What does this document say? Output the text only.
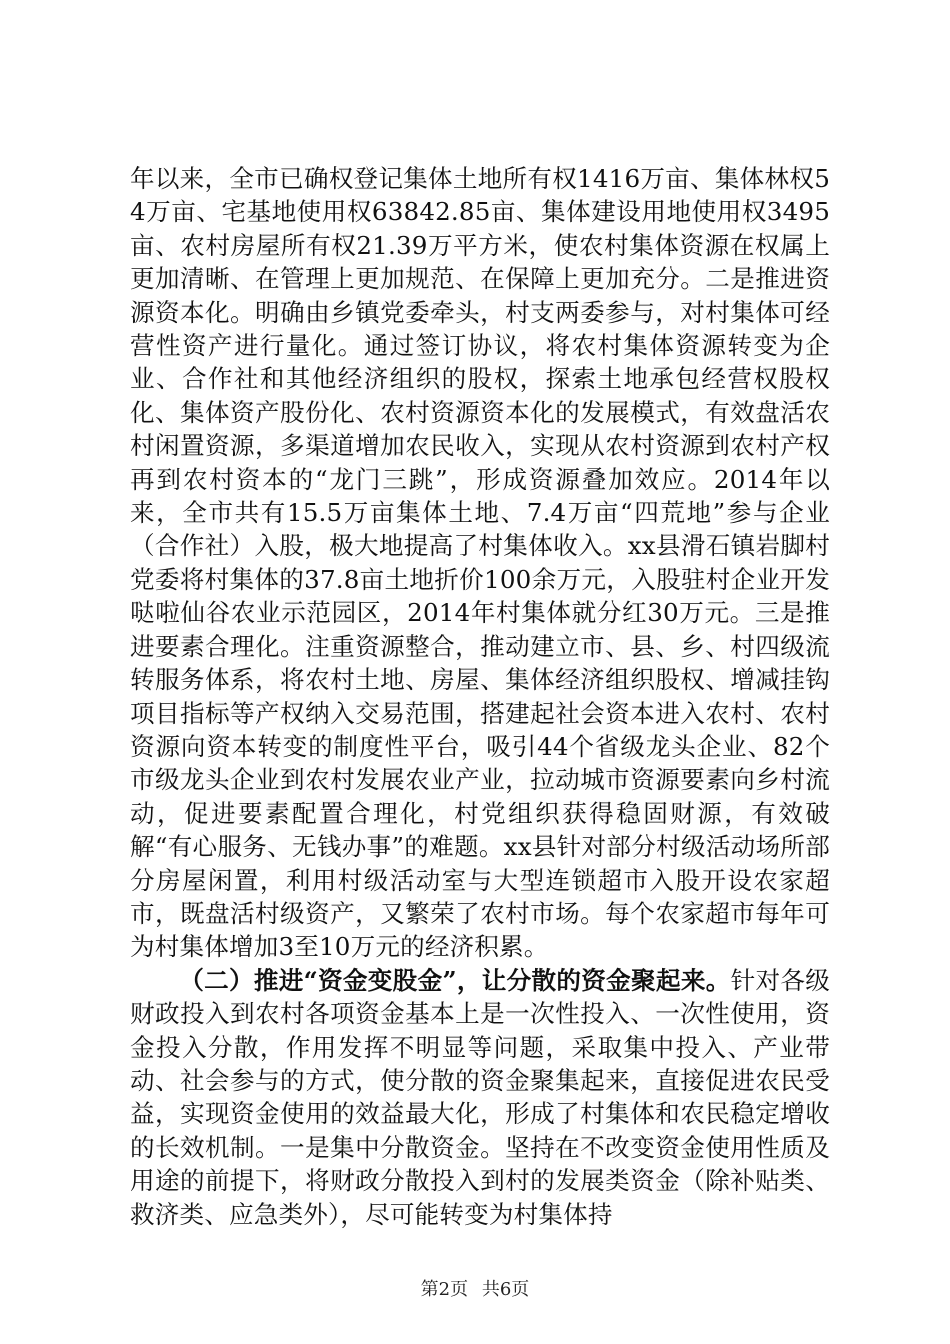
年以来，全市已确权登记集体土地所有权1416万亩、集体林权54万亩、宅基地使用权63842.85亩、集体建设用地使用权3495亩、农村房屋所有权21.39万平方米，使农村集体资源在权属上更加清晰、在管理上更加规范、在保障上更加充分。二是推进资源资本化。明确由乡镇党委牵头，村支两委参与，对村集体可经营性资产进行量化。通过签订协议，将农村集体资源转变为企业、合作社和其他经济组织的股权，探索土地承包经营权股权化、集体资产股份化、农村资源资本化的发展模式，有效盘活农村闲置资源，多渠道增加农民收入，实现从农村资源到农村产权再到农村资本的“龙门三跳”，形成资源叠加效应。2014年以来，全市共有15.5万亩集体土地、7.4万亩“四荒地”参与企业（合作社）入股，极大地提高了村集体收入。xx县滑石镇岩脚村党委将村集体的37.8亩土地折价100余万元，入股驻村企业开发哒啦仙谷农业示范园区，2014年村集体就分红30万元。三是推进要素合理化。注重资源整合，推动建立市、县、乡、村四级流转服务体系，将农村土地、房屋、集体经济组织股权、增减挂钩项目指标等产权纳入交易范围，搭建起社会资本进入农村、农村资源向资本转变的制度性平台，吸引44个省级龙头企业、82个市级龙头企业到农村发展农业产业，拉动城市资源要素向乡村流动，促进要素配置合理化，村党组织获得稳固财源，有效破解“有心服务、无钱办事”的难题。xx县针对部分村级活动场所部分房屋闲置，利用村级活动室与大型连锁超市入股开设农家超市，既盘活村级资产，又繁荣了农村市场。每个农家超市每年可为村集体增加3至10万元的经济积累。

（二）推进“资金变股金”，让分散的资金聚起来。针对各级财政投入到农村各项资金基本上是一次性投入、一次性使用，资金投入分散，作用发挥不明显等问题，采取集中投入、产业带动、社会参与的方式，使分散的资金聚集起来，直接促进农民受益，实现资金使用的效益最大化，形成了村集体和农民稳定增收的长效机制。一是集中分散资金。坚持在不改变资金使用性质及用途的前提下，将财政分散投入到村的发展类资金（除补贴类、救济类、应急类外），尽可能转变为村集体持

第2页 共6页
